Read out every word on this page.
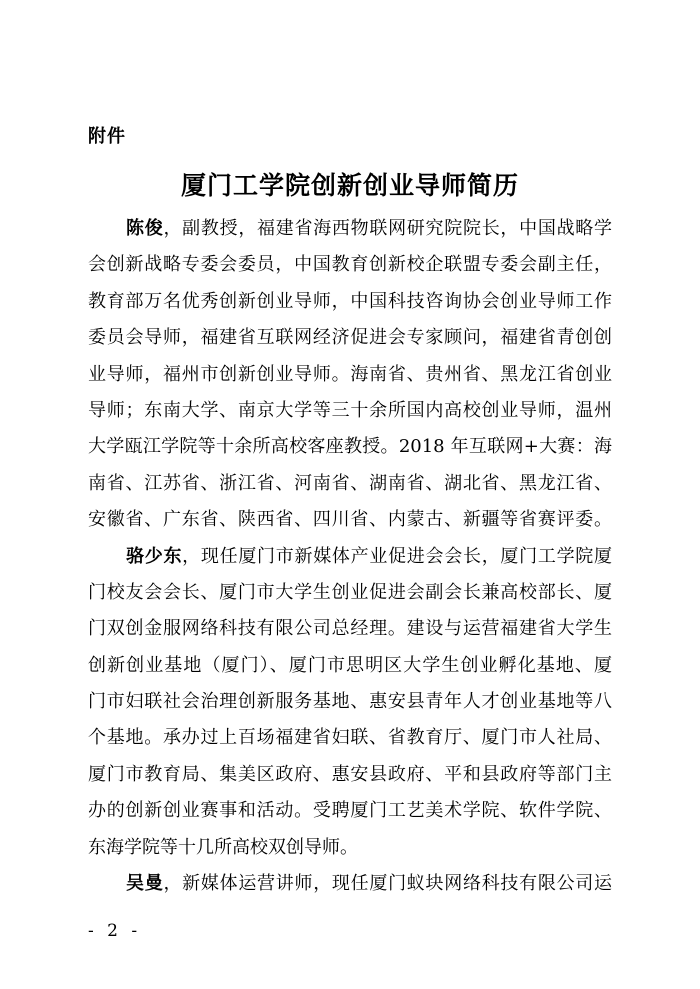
附件
厦门工学院创新创业导师简历
陈俊，副教授，福建省海西物联网研究院院长，中国战略学
会创新战略专委会委员，中国教育创新校企联盟专委会副主任，
教育部万名优秀创新创业导师，中国科技咨询协会创业导师工作
委员会导师，福建省互联网经济促进会专家顾问，福建省青创创
业导师，福州市创新创业导师。海南省、贵州省、黑龙江省创业
导师；东南大学、南京大学等三十余所国内高校创业导师，温州
大学瓯江学院等十余所高校客座教授。2018 年互联网+大赛：海
南省、江苏省、浙江省、河南省、湖南省、湖北省、黑龙江省、
安徽省、广东省、陕西省、四川省、内蒙古、新疆等省赛评委。
骆少东，现任厦门市新媒体产业促进会会长，厦门工学院厦
门校友会会长、厦门市大学生创业促进会副会长兼高校部长、厦
门双创金服网络科技有限公司总经理。建设与运营福建省大学生
创新创业基地（厦门）、厦门市思明区大学生创业孵化基地、厦
门市妇联社会治理创新服务基地、惠安县青年人才创业基地等八
个基地。承办过上百场福建省妇联、省教育厅、厦门市人社局、
厦门市教育局、集美区政府、惠安县政府、平和县政府等部门主
办的创新创业赛事和活动。受聘厦门工艺美术学院、软件学院、
东海学院等十几所高校双创导师。
吴曼，新媒体运营讲师，现任厦门蚁块网络科技有限公司运
- 2 -
